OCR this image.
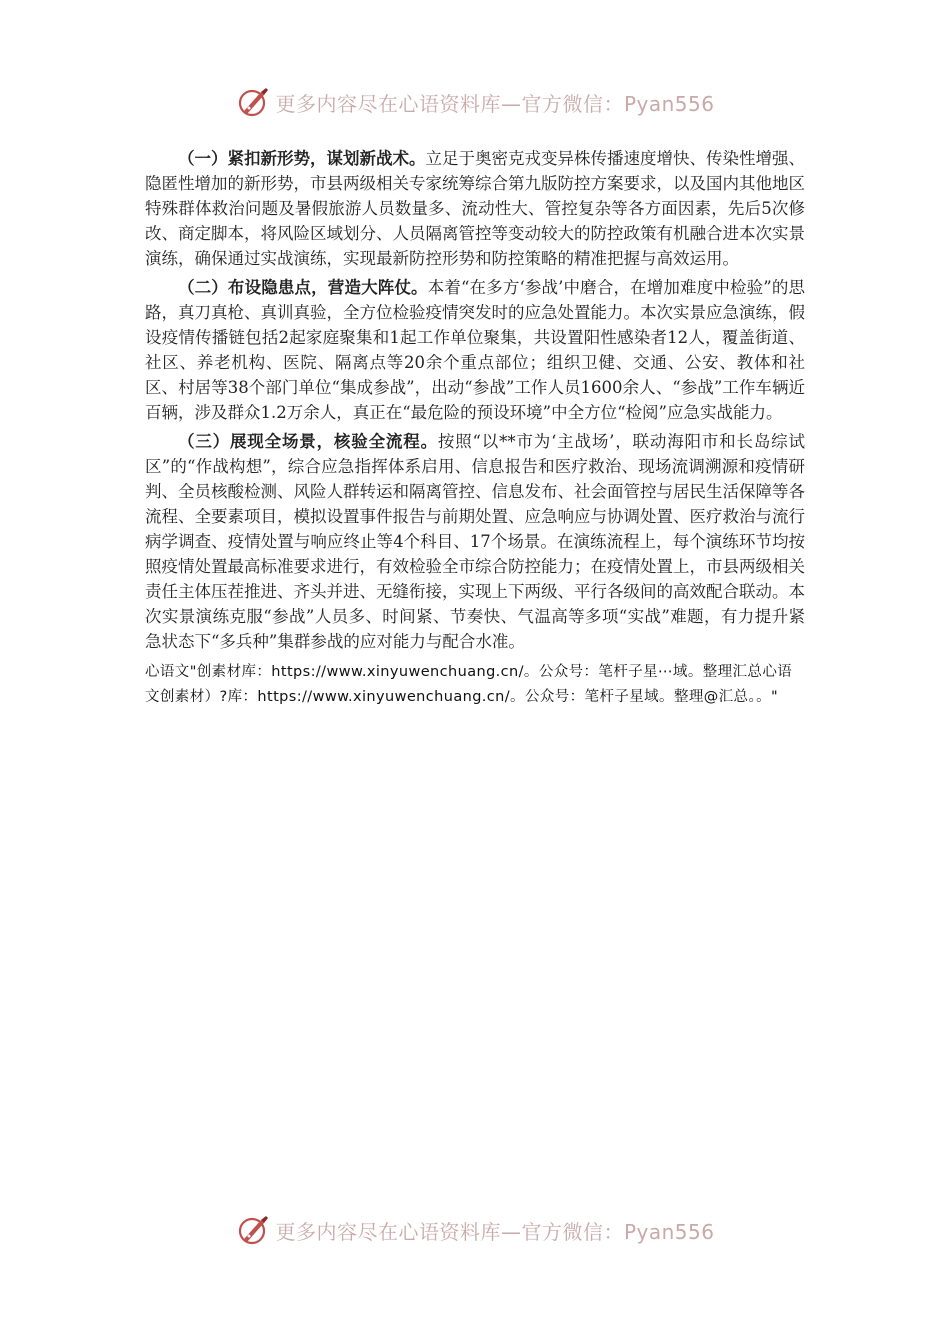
更多内容尽在心语资料库—官方微信：Pyan556

（一）紧扣新形势，谋划新战术。立足于奥密克戎变异株传播速度增快、传染性增强、隐匿性增加的新形势，市县两级相关专家统筹综合第九版防控方案要求，以及国内其他地区特殊群体救治问题及暑假旅游人员数量多、流动性大、管控复杂等各方面因素，先后5次修改、商定脚本，将风险区域划分、人员隔离管控等变动较大的防控政策有机融合进本次实景演练，确保通过实战演练，实现最新防控形势和防控策略的精准把握与高效运用。

（二）布设隐患点，营造大阵仗。本着“在多方‘参战’中磨合，在增加难度中检验”的思路，真刀真枪、真训真验，全方位检验疫情突发时的应急处置能力。本次实景应急演练，假设疫情传播链包括2起家庭聚集和1起工作单位聚集，共设置阳性感染者12人，覆盖街道、社区、养老机构、医院、隔离点等20余个重点部位；组织卫健、交通、公安、教体和社区、村居等38个部门单位“集成参战”，出动“参战”工作人员1600余人、“参战”工作车辆近百辆，涉及群众1.2万余人，真正在“最危险的预设环境”中全方位“检阅”应急实战能力。

（三）展现全场景，核验全流程。按照“以**市为‘主战场’，联动海阳市和长岛综试区”的“作战构想”，综合应急指挥体系启用、信息报告和医疗救治、现场流调溯源和疫情研判、全员核酸检测、风险人群转运和隔离管控、信息发布、社会面管控与居民生活保障等各流程、全要素项目，模拟设置事件报告与前期处置、应急响应与协调处置、医疗救治与流行病学调查、疫情处置与响应终止等4个科目、17个场景。在演练流程上，每个演练环节均按照疫情处置最高标准要求进行，有效检验全市综合防控能力；在疫情处置上，市县两级相关责任主体压茬推进、齐头并进、无缝衔接，实现上下两级、平行各级间的高效配合联动。本次实景演练克服“参战”人员多、时间紧、节奏快、气温高等多项“实战”难题，有力提升紧急状态下“多兵种”集群参战的应对能力与配合水准。

心语文"创素材库：https://www.xinyuwenchuang.cn/。公众号：笔杆子星⋯域。整理汇总心语文创素材）?库：https://www.xinyuwenchuang.cn/。公众号：笔杆子星域。整理@汇总。。"
更多内容尽在心语资料库—官方微信：Pyan556
